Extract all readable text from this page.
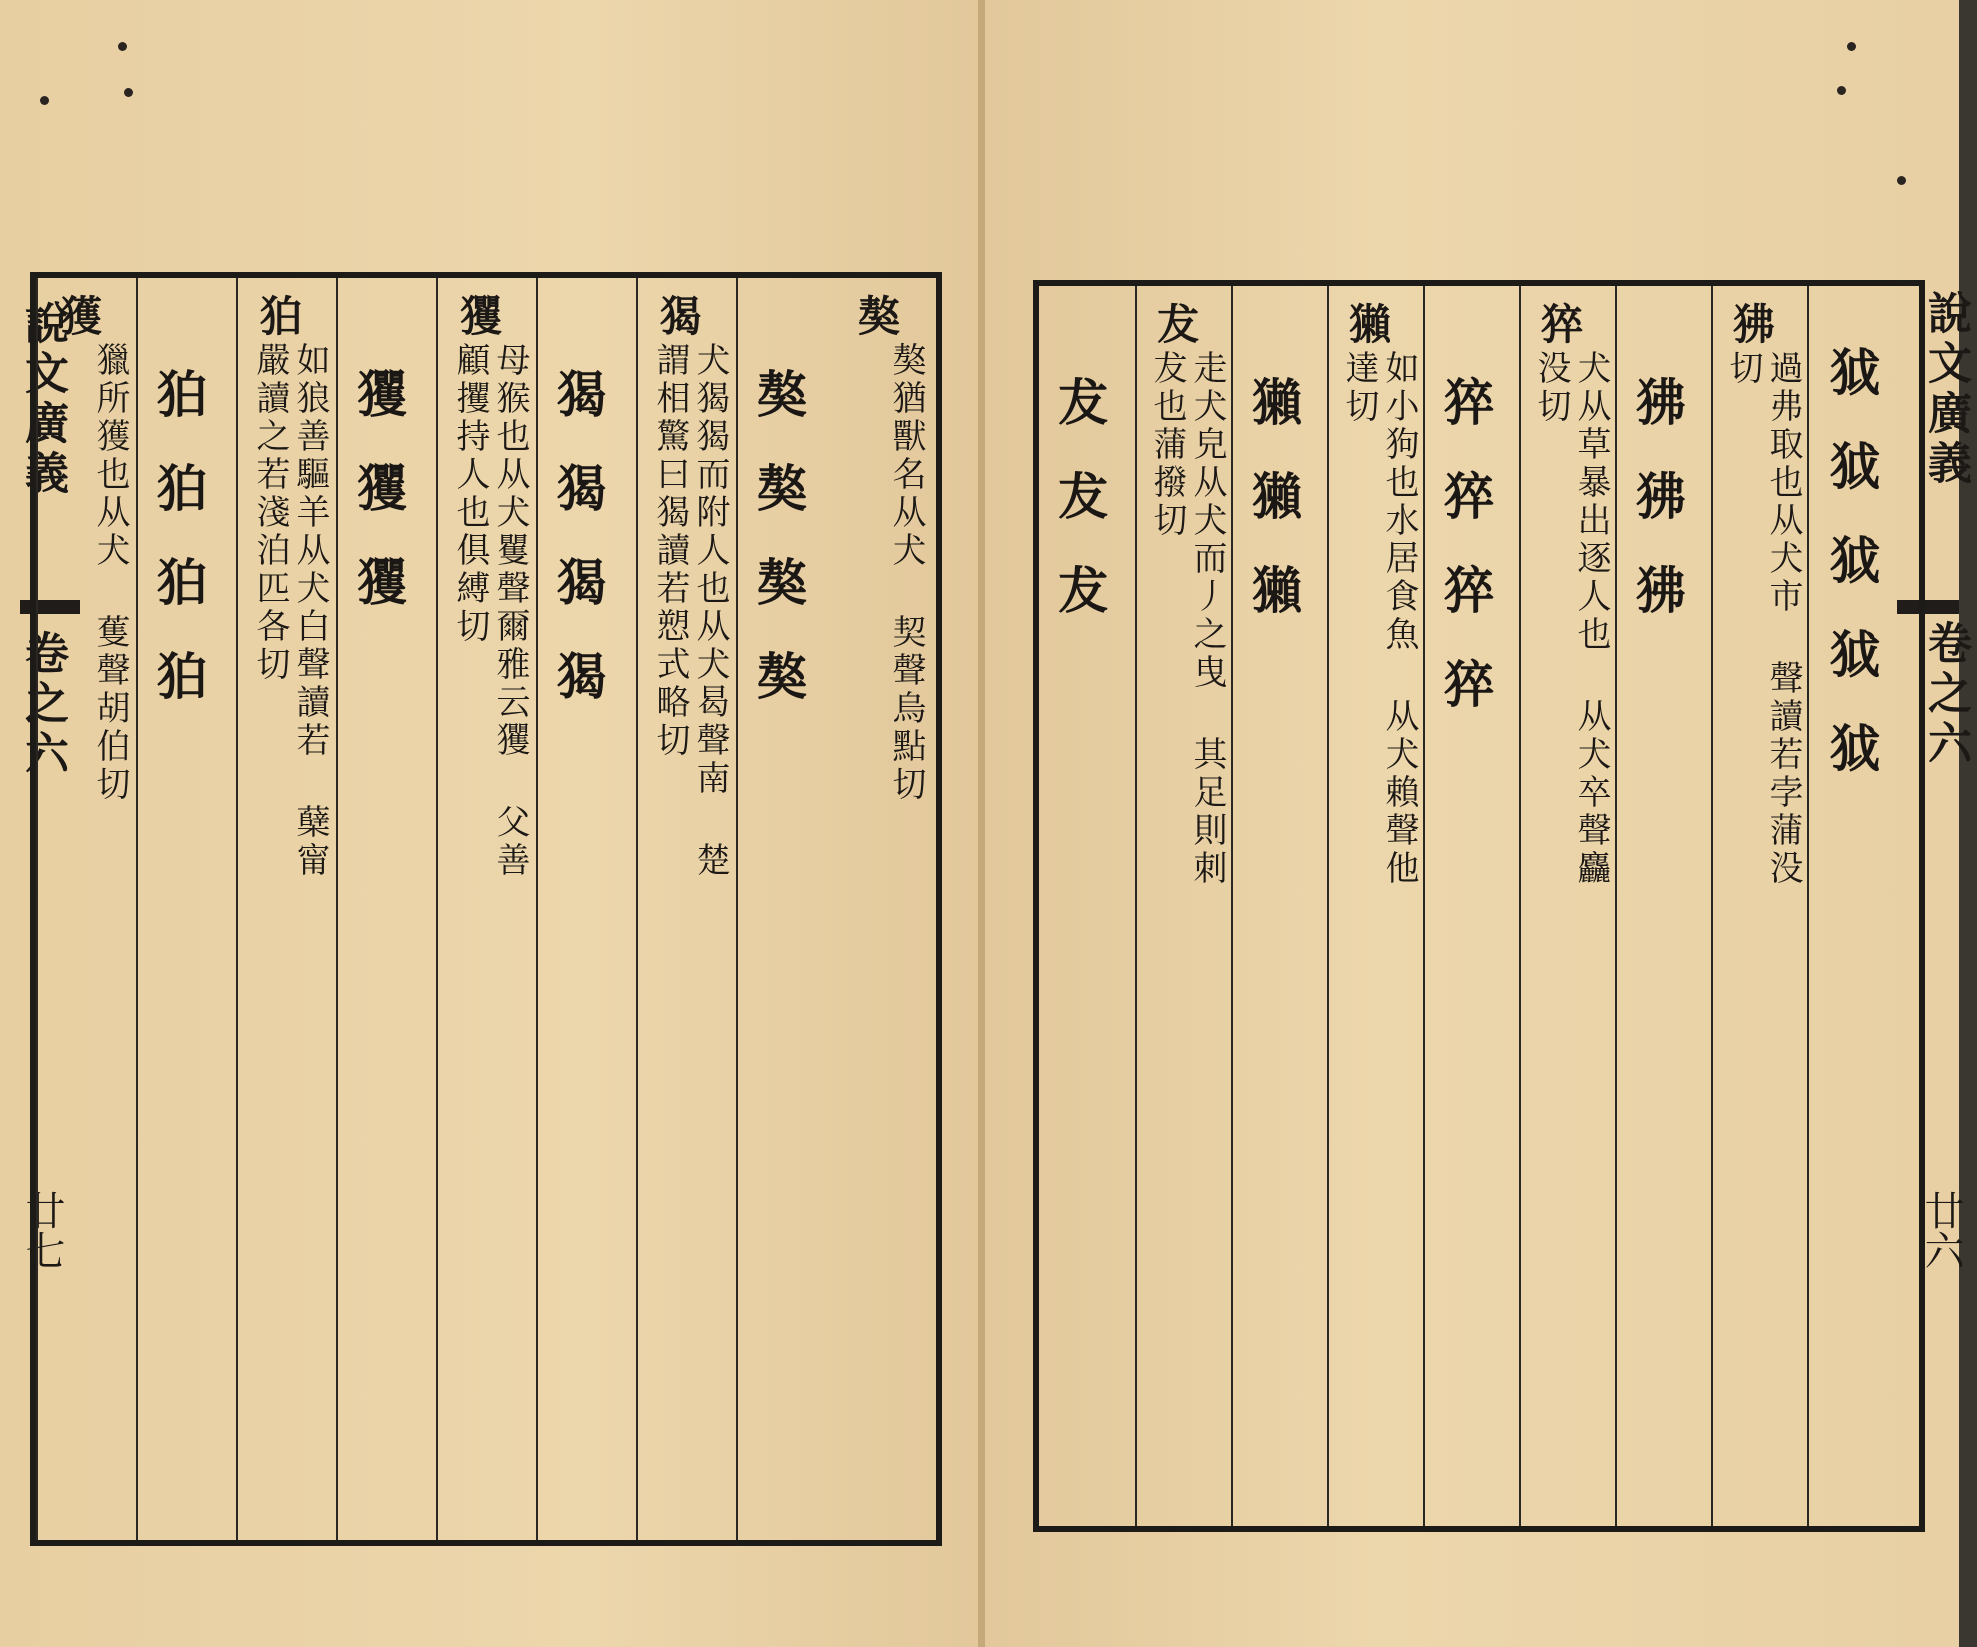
說文廣義
卷之六
廿七
獒
獒猶獸名从犬 契聲烏點切
獒獒獒獒
猲
犬猲猲而附人也从犬曷聲南 楚謂相驚曰猲讀若愬式略切
猲猲猲猲
玃
母猴也从犬矍聲爾雅云玃 父善顧攫持人也俱縛切
玃玃玃
狛
如狼善驅羊从犬白聲讀若 蘖甯嚴讀之若淺泊匹各切
狛狛狛狛
獲
獵所獲也从犬 蒦聲胡伯切	說文廣義
卷之六
廿六
犮犮犮
犮
走犬皃从犬而丿之曳 其足則刺犮也蒲撥切	獺獺獺
獺
如小狗也水居食魚 从犬賴聲他達切	猝猝猝猝
猝
犬从草暴出逐人也 从犬卒聲麤没切	狒狒狒
狒
過弗取也从犬市 聲讀若孛蒲没切	狘狘狘狘狘
